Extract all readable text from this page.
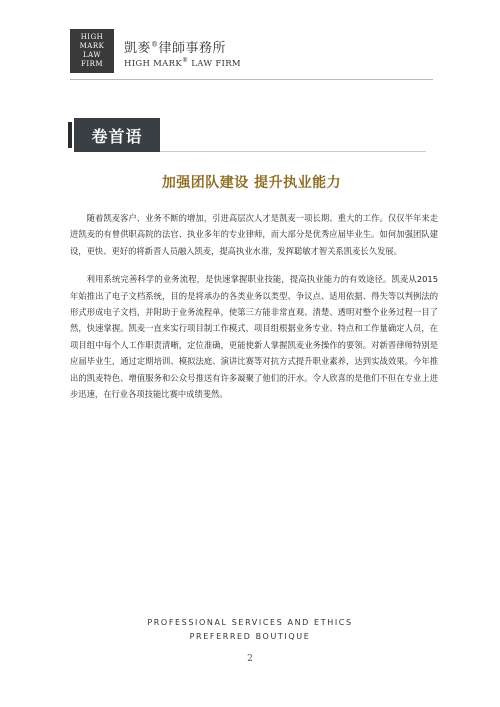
HIGH
MARK
LAW
FIRM
凱麥®律師事務所
HIGH MARK® LAW FIRM
卷首语
加强团队建设 提升执业能力

随着凯麦客户、业务不断的增加，引进高层次人才是凯麦一项长期、重大的工作。仅仅半年来走进凯麦的有曾供职高院的法官、执业多年的专业律师，而大部分是优秀应届毕业生。如何加强团队建设，更快、更好的将新晋人员融入凯麦，提高执业水准，发挥聪敏才智关系凯麦长久发展。

利用系统完善科学的业务流程，是快速掌握职业技能，提高执业能力的有效途径。凯麦从2015年始推出了电子文档系统，目的是将承办的各类业务以类型、争议点、适用依据、得失等以判例法的形式形成电子文档，并附助于业务流程单，使第三方能非常直观、清楚、透明对整个业务过程一目了然，快速掌握。凯麦一直来实行项目制工作模式，项目组根据业务专业、特点和工作量确定人员，在项目组中每个人工作职责清晰，定位准确，更能使新人掌握凯麦业务操作的要领。对新晋律师特别是应届毕业生，通过定期培训、模拟法庭、演讲比赛等对抗方式提升职业素养，达到实战效果。今年推出的凯麦特色、增值服务和公众号推送有许多凝聚了他们的汗水。令人欣喜的是他们不但在专业上进步迅速，在行业各项技能比赛中成绩斐然。

PROFESSIONAL SERVICES AND ETHICS
PREFERRED BOUTIQUE
2
